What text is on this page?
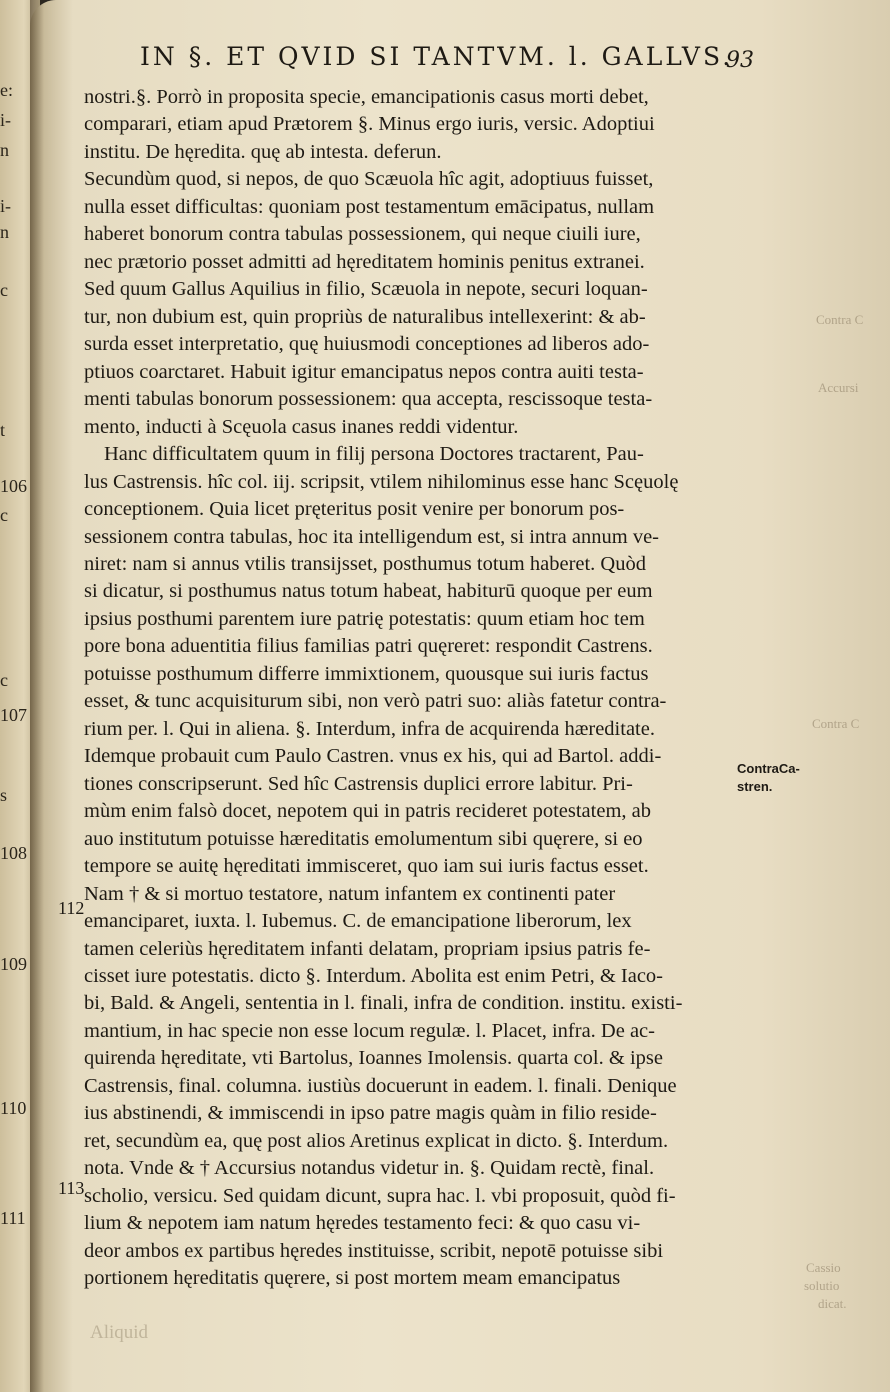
e:
i-
n
i-
n
c
t
106
c
c
107
s
108
109
110
111
IN §. ET QVID SI TANTVM. l. GALLVS.
93
nostri.§. Porrò in proposita specie, emancipationis casus morti debet,
comparari, etiam apud Prætorem §. Minus ergo iuris, versic. Adoptiui
institu. De hęredita. quę ab intesta. deferun.
Secundùm quod, si nepos, de quo Scæuola hîc agit, adoptiuus fuisset,
nulla esset difficultas: quoniam post testamentum emācipatus, nullam
haberet bonorum contra tabulas possessionem, qui neque ciuili iure,
nec prætorio posset admitti ad hęreditatem hominis penitus extranei.
Sed quum Gallus Aquilius in filio, Scæuola in nepote, securi loquan-
tur, non dubium est, quin propriùs de naturalibus intellexerint: & ab-
surda esset interpretatio, quę huiusmodi conceptiones ad liberos ado-
ptiuos coarctaret. Habuit igitur emancipatus nepos contra auiti testa-
menti tabulas bonorum possessionem: qua accepta, rescissoque testa-
mento, inducti à Scęuola casus inanes reddi videntur.
Hanc difficultatem quum in filij persona Doctores tractarent, Pau-
lus Castrensis. hîc col. iij. scripsit, vtilem nihilominus esse hanc Scęuolę
conceptionem. Quia licet pręteritus posit venire per bonorum pos-
sessionem contra tabulas, hoc ita intelligendum est, si intra annum ve-
niret: nam si annus vtilis transijsset, posthumus totum haberet. Quòd
si dicatur, si posthumus natus totum habeat, habiturū quoque per eum
ipsius posthumi parentem iure patrię potestatis: quum etiam hoc tem
pore bona aduentitia filius familias patri quęreret: respondit Castrens.
potuisse posthumum differre immixtionem, quousque sui iuris factus
esset, & tunc acquisiturum sibi, non verò patri suo: aliàs fatetur contra-
rium per. l. Qui in aliena. §. Interdum, infra de acquirenda hæreditate.
Idemque probauit cum Paulo Castren. vnus ex his, qui ad Bartol. addi-
tiones conscripserunt. Sed hîc Castrensis duplici errore labitur. Pri-
mùm enim falsò docet, nepotem qui in patris recideret potestatem, ab
auo institutum potuisse hæreditatis emolumentum sibi quęrere, si eo
tempore se auitę hęreditati immisceret, quo iam sui iuris factus esset.
Nam † & si mortuo testatore, natum infantem ex continenti pater
emanciparet, iuxta. l. Iubemus. C. de emancipatione liberorum, lex
tamen celeriùs hęreditatem infanti delatam, propriam ipsius patris fe-
cisset iure potestatis. dicto §. Interdum. Abolita est enim Petri, & Iaco-
bi, Bald. & Angeli, sententia in l. finali, infra de condition. institu. existi-
mantium, in hac specie non esse locum regulæ. l. Placet, infra. De ac-
quirenda hęreditate, vti Bartolus, Ioannes Imolensis. quarta col. & ipse
Castrensis, final. columna. iustiùs docuerunt in eadem. l. finali. Denique
ius abstinendi, & immiscendi in ipso patre magis quàm in filio reside-
ret, secundùm ea, quę post alios Aretinus explicat in dicto. §. Interdum.
nota. Vnde & † Accursius notandus videtur in. §. Quidam rectè, final.
scholio, versicu. Sed quidam dicunt, supra hac. l. vbi proposuit, quòd fi-
lium & nepotem iam natum hęredes testamento feci: & quo casu vi-
deor ambos ex partibus hęredes instituisse, scribit, nepotē potuisse sibi
portionem hęreditatis quęrere, si post mortem meam emancipatus
112
113
ContraCa-
stren.
Contra C
Accursi
Contra C
Cassio
solutio
dicat.
Aliquid
